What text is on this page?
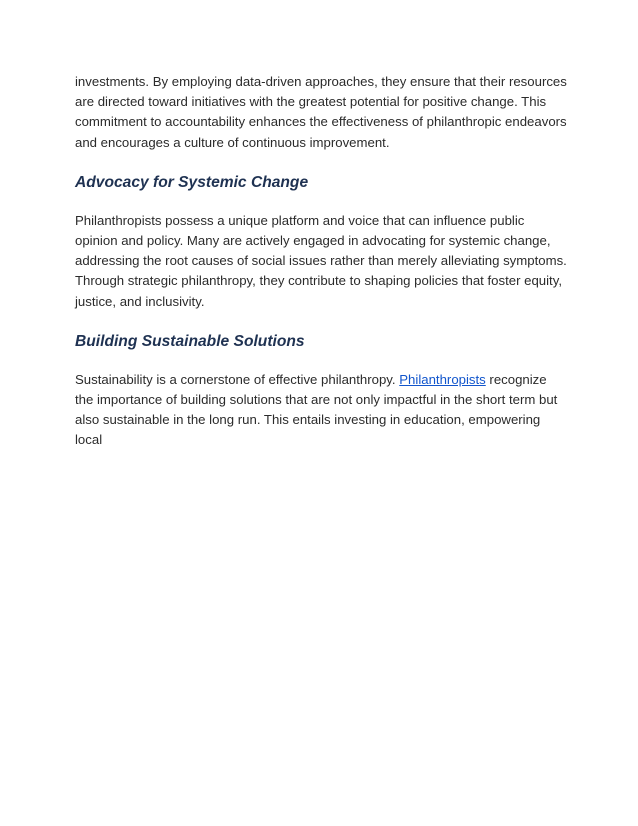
investments. By employing data-driven approaches, they ensure that their resources are directed toward initiatives with the greatest potential for positive change. This commitment to accountability enhances the effectiveness of philanthropic endeavors and encourages a culture of continuous improvement.

Advocacy for Systemic Change

Philanthropists possess a unique platform and voice that can influence public opinion and policy. Many are actively engaged in advocating for systemic change, addressing the root causes of social issues rather than merely alleviating symptoms. Through strategic philanthropy, they contribute to shaping policies that foster equity, justice, and inclusivity.

Building Sustainable Solutions

Sustainability is a cornerstone of effective philanthropy. Philanthropists recognize the importance of building solutions that are not only impactful in the short term but also sustainable in the long run. This entails investing in education, empowering local
